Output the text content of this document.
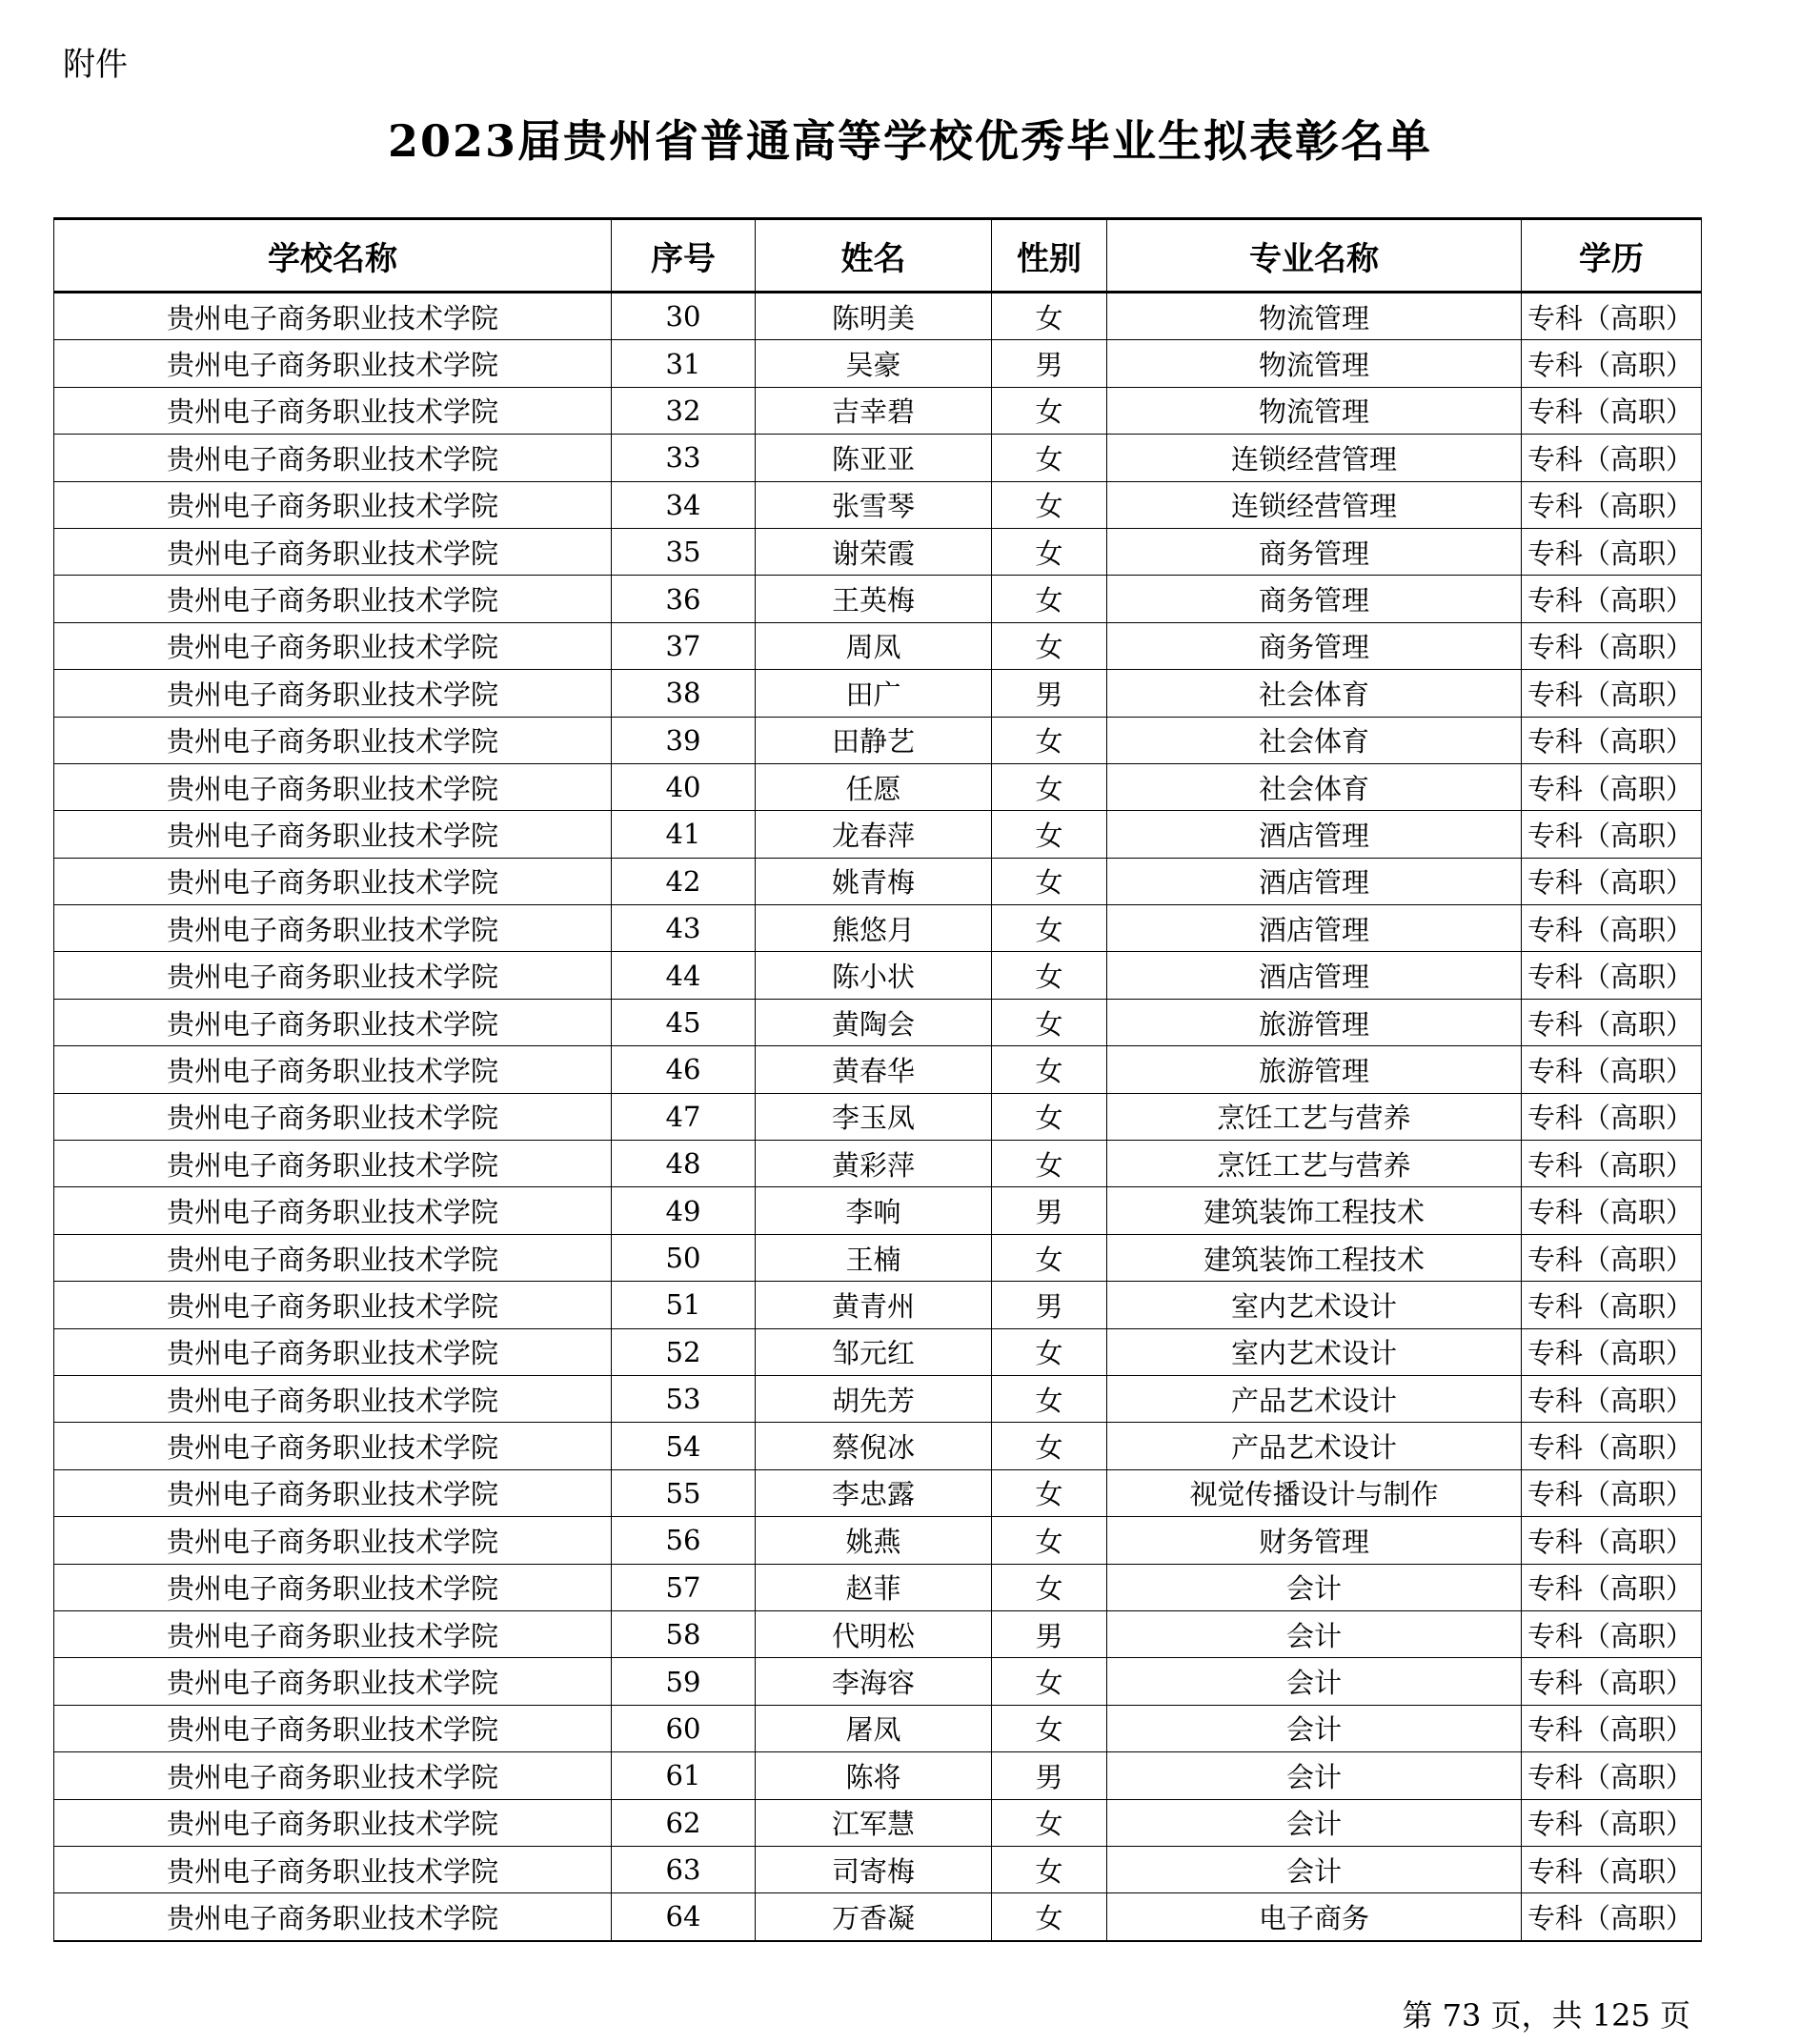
附件
2023届贵州省普通高等学校优秀毕业生拟表彰名单
学校名称	序号	姓名	性别	专业名称	学历
贵州电子商务职业技术学院	30	陈明美	女	物流管理	专科（高职）
贵州电子商务职业技术学院	31	吴豪	男	物流管理	专科（高职）
贵州电子商务职业技术学院	32	吉幸碧	女	物流管理	专科（高职）
贵州电子商务职业技术学院	33	陈亚亚	女	连锁经营管理	专科（高职）
贵州电子商务职业技术学院	34	张雪琴	女	连锁经营管理	专科（高职）
贵州电子商务职业技术学院	35	谢荣霞	女	商务管理	专科（高职）
贵州电子商务职业技术学院	36	王英梅	女	商务管理	专科（高职）
贵州电子商务职业技术学院	37	周凤	女	商务管理	专科（高职）
贵州电子商务职业技术学院	38	田广	男	社会体育	专科（高职）
贵州电子商务职业技术学院	39	田静艺	女	社会体育	专科（高职）
贵州电子商务职业技术学院	40	任愿	女	社会体育	专科（高职）
贵州电子商务职业技术学院	41	龙春萍	女	酒店管理	专科（高职）
贵州电子商务职业技术学院	42	姚青梅	女	酒店管理	专科（高职）
贵州电子商务职业技术学院	43	熊悠月	女	酒店管理	专科（高职）
贵州电子商务职业技术学院	44	陈小状	女	酒店管理	专科（高职）
贵州电子商务职业技术学院	45	黄陶会	女	旅游管理	专科（高职）
贵州电子商务职业技术学院	46	黄春华	女	旅游管理	专科（高职）
贵州电子商务职业技术学院	47	李玉凤	女	烹饪工艺与营养	专科（高职）
贵州电子商务职业技术学院	48	黄彩萍	女	烹饪工艺与营养	专科（高职）
贵州电子商务职业技术学院	49	李响	男	建筑装饰工程技术	专科（高职）
贵州电子商务职业技术学院	50	王楠	女	建筑装饰工程技术	专科（高职）
贵州电子商务职业技术学院	51	黄青州	男	室内艺术设计	专科（高职）
贵州电子商务职业技术学院	52	邹元红	女	室内艺术设计	专科（高职）
贵州电子商务职业技术学院	53	胡先芳	女	产品艺术设计	专科（高职）
贵州电子商务职业技术学院	54	蔡倪冰	女	产品艺术设计	专科（高职）
贵州电子商务职业技术学院	55	李忠露	女	视觉传播设计与制作	专科（高职）
贵州电子商务职业技术学院	56	姚燕	女	财务管理	专科（高职）
贵州电子商务职业技术学院	57	赵菲	女	会计	专科（高职）
贵州电子商务职业技术学院	58	代明松	男	会计	专科（高职）
贵州电子商务职业技术学院	59	李海容	女	会计	专科（高职）
贵州电子商务职业技术学院	60	屠凤	女	会计	专科（高职）
贵州电子商务职业技术学院	61	陈将	男	会计	专科（高职）
贵州电子商务职业技术学院	62	江军慧	女	会计	专科（高职）
贵州电子商务职业技术学院	63	司寄梅	女	会计	专科（高职）
贵州电子商务职业技术学院	64	万香凝	女	电子商务	专科（高职）
第 73 页，共 125 页
